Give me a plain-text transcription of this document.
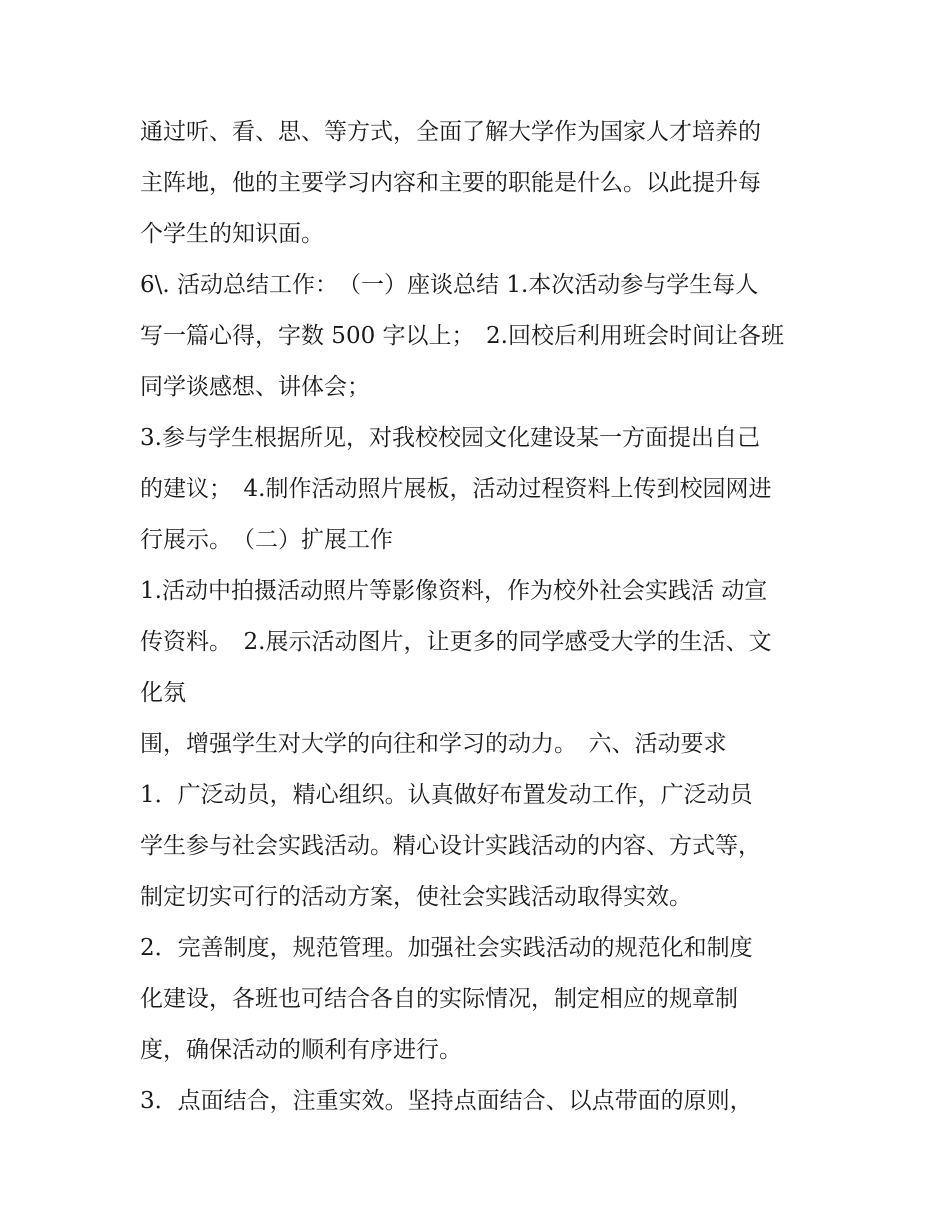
通过听、看、思、等方式，全面了解大学作为国家人才培养的
主阵地，他的主要学习内容和主要的职能是什么。以此提升每
个学生的知识面。
6\. 活动总结工作：　（一）座谈总结 1.本次活动参与学生每人
写一篇心得，字数 500 字以上；　2.回校后利用班会时间让各班
同学谈感想、讲体会；
3.参与学生根据所见，对我校校园文化建设某一方面提出自己
的建议；　4.制作活动照片展板，活动过程资料上传到校园网进
行展示。　（二）扩展工作
1.活动中拍摄活动照片等影像资料，作为校外社会实践活 动宣
传资料。　2.展示活动图片，让更多的同学感受大学的生活、文
化氛
围，增强学生对大学的向往和学习的动力。　六、活动要求
1．广泛动员，精心组织。认真做好布置发动工作，广泛动员
学生参与社会实践活动。精心设计实践活动的内容、方式等，
制定切实可行的活动方案，使社会实践活动取得实效。
2．完善制度，规范管理。加强社会实践活动的规范化和制度
化建设，各班也可结合各自的实际情况，制定相应的规章制
度，确保活动的顺利有序进行。
3．点面结合，注重实效。坚持点面结合、以点带面的原则，
